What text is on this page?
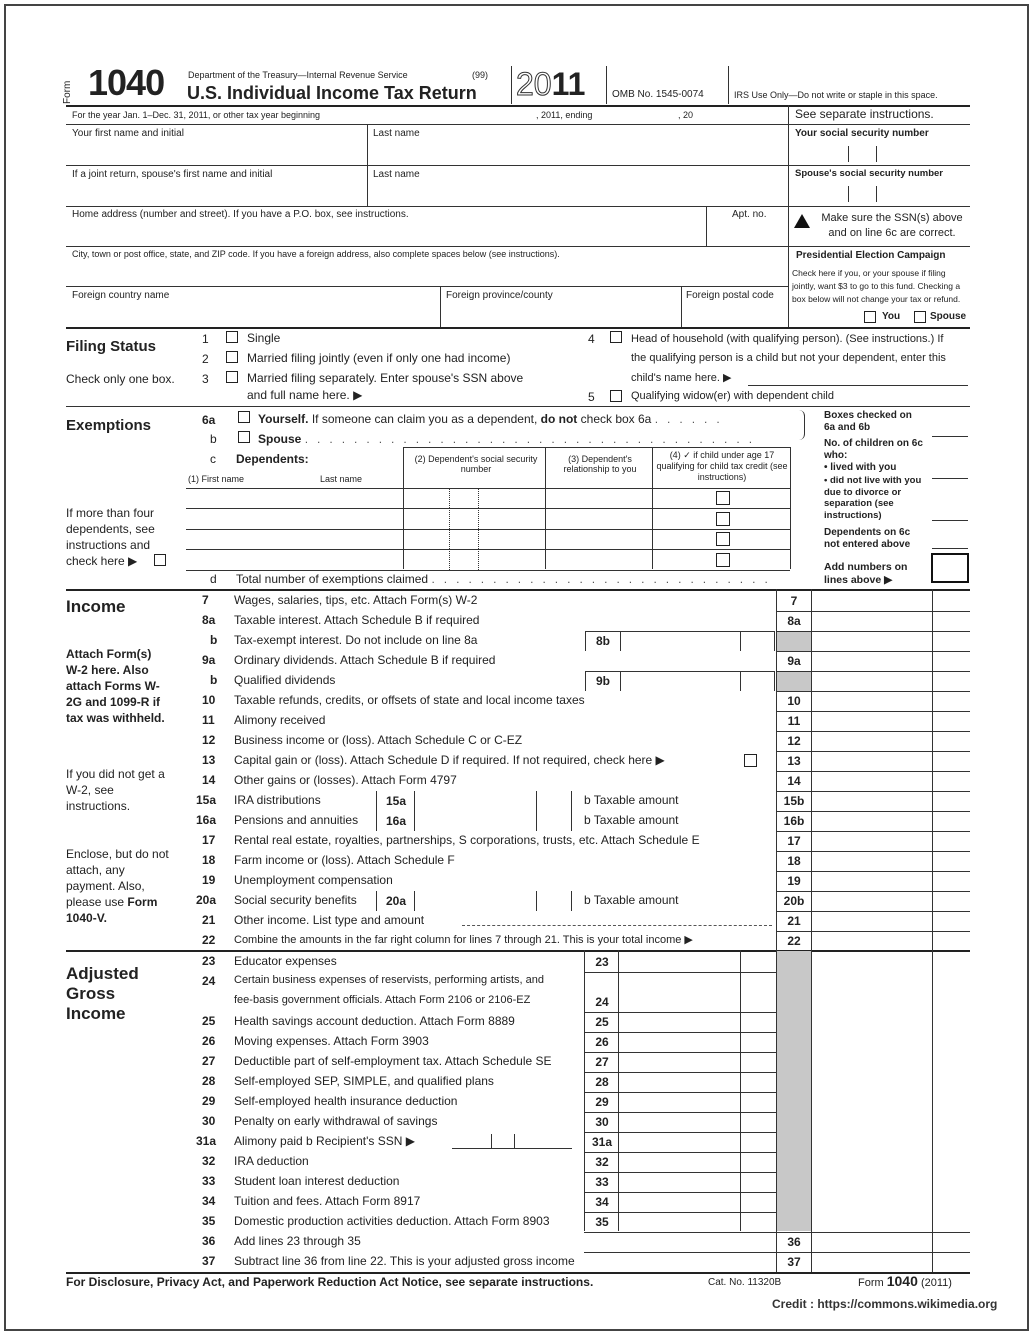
Form 1040	Department of the Treasury—Internal Revenue Service	(99)
U.S. Individual Income Tax Return 2011	OMB No. 1545-0074	IRS Use Only—Do not write or staple in this space.
For the year Jan. 1–Dec. 31, 2011, or other tax year beginning	, 2011, ending	, 20	See separate instructions.
Your first name and initial	Last name	Your social security number
If a joint return, spouse's first name and initial	Last name	Spouse's social security number
Home address (number and street). If you have a P.O. box, see instructions.	Apt. no.	Make sure the SSN(s) above and on line 6c are correct.
City, town or post office, state, and ZIP code. If you have a foreign address, also complete spaces below (see instructions).	Presidential Election Campaign
Check here if you, or your spouse if filing jointly, want $3 to go to this fund. Checking a box below will not change your tax or refund.
Foreign country name	Foreign province/county	Foreign postal code
You	Spouse
Filing Status
Check only one box.
1	Single
2	Married filing jointly (even if only one had income)
3	Married filing separately. Enter spouse's SSN above
and full name here. ▶
4	Head of household (with qualifying person). (See instructions.) If
the qualifying person is a child but not your dependent, enter this
child's name here. ▶
5	Qualifying widow(er) with dependent child
Exemptions	6a	Yourself. If someone can claim you as a dependent, do not check box 6a ......
b	Spouse .....................................
c Dependents:
(1) First name	Last name
(2) Dependent's social security number
(3) Dependent's relationship to you
(4) ✓ if child under age 17 qualifying for child tax credit (see instructions)
If more than four dependents, see instructions and check here ▶
d Total number of exemptions claimed ............................
Boxes checked on 6a and 6b
No. of children on 6c who:
• lived with you
• did not live with you due to divorce or separation (see instructions)
Dependents on 6c not entered above
Add numbers on lines above ▶
Income
Attach Form(s) W-2 here. Also attach Forms W-2G and 1099-R if tax was withheld.
If you did not get a W-2, see instructions.
Enclose, but do not attach, any payment. Also, please use Form 1040-V.
7 Wages, salaries, tips, etc. Attach Form(s) W-2	7
8a Taxable interest. Attach Schedule B if required	8a
b Tax-exempt interest. Do not include on line 8a	8b
9a Ordinary dividends. Attach Schedule B if required	9a
b Qualified dividends	9b
10 Taxable refunds, credits, or offsets of state and local income taxes	10
11 Alimony received	11
12 Business income or (loss). Attach Schedule C or C-EZ	12
13 Capital gain or (loss). Attach Schedule D if required. If not required, check here ▶	13
14 Other gains or (losses). Attach Form 4797	14
15a IRA distributions	15a	b Taxable amount	15b
16a Pensions and annuities	16a	b Taxable amount	16b
17 Rental real estate, royalties, partnerships, S corporations, trusts, etc. Attach Schedule E	17
18 Farm income or (loss). Attach Schedule F	18
19 Unemployment compensation	19
20a Social security benefits	20a	b Taxable amount	20b
21 Other income. List type and amount	21
22 Combine the amounts in the far right column for lines 7 through 21. This is your total income ▶	22
Adjusted Gross Income
23 Educator expenses	23
24 Certain business expenses of reservists, performing artists, and
fee-basis government officials. Attach Form 2106 or 2106-EZ	24
25 Health savings account deduction. Attach Form 8889	25
26 Moving expenses. Attach Form 3903	26
27 Deductible part of self-employment tax. Attach Schedule SE	27
28 Self-employed SEP, SIMPLE, and qualified plans	28
29 Self-employed health insurance deduction	29
30 Penalty on early withdrawal of savings	30
31a Alimony paid b Recipient's SSN ▶	31a
32 IRA deduction	32
33 Student loan interest deduction	33
34 Tuition and fees. Attach Form 8917	34
35 Domestic production activities deduction. Attach Form 8903	35
36 Add lines 23 through 35	36
37 Subtract line 36 from line 22. This is your adjusted gross income	37
For Disclosure, Privacy Act, and Paperwork Reduction Act Notice, see separate instructions.	Cat. No. 11320B	Form 1040 (2011)
Credit : https://commons.wikimedia.org
